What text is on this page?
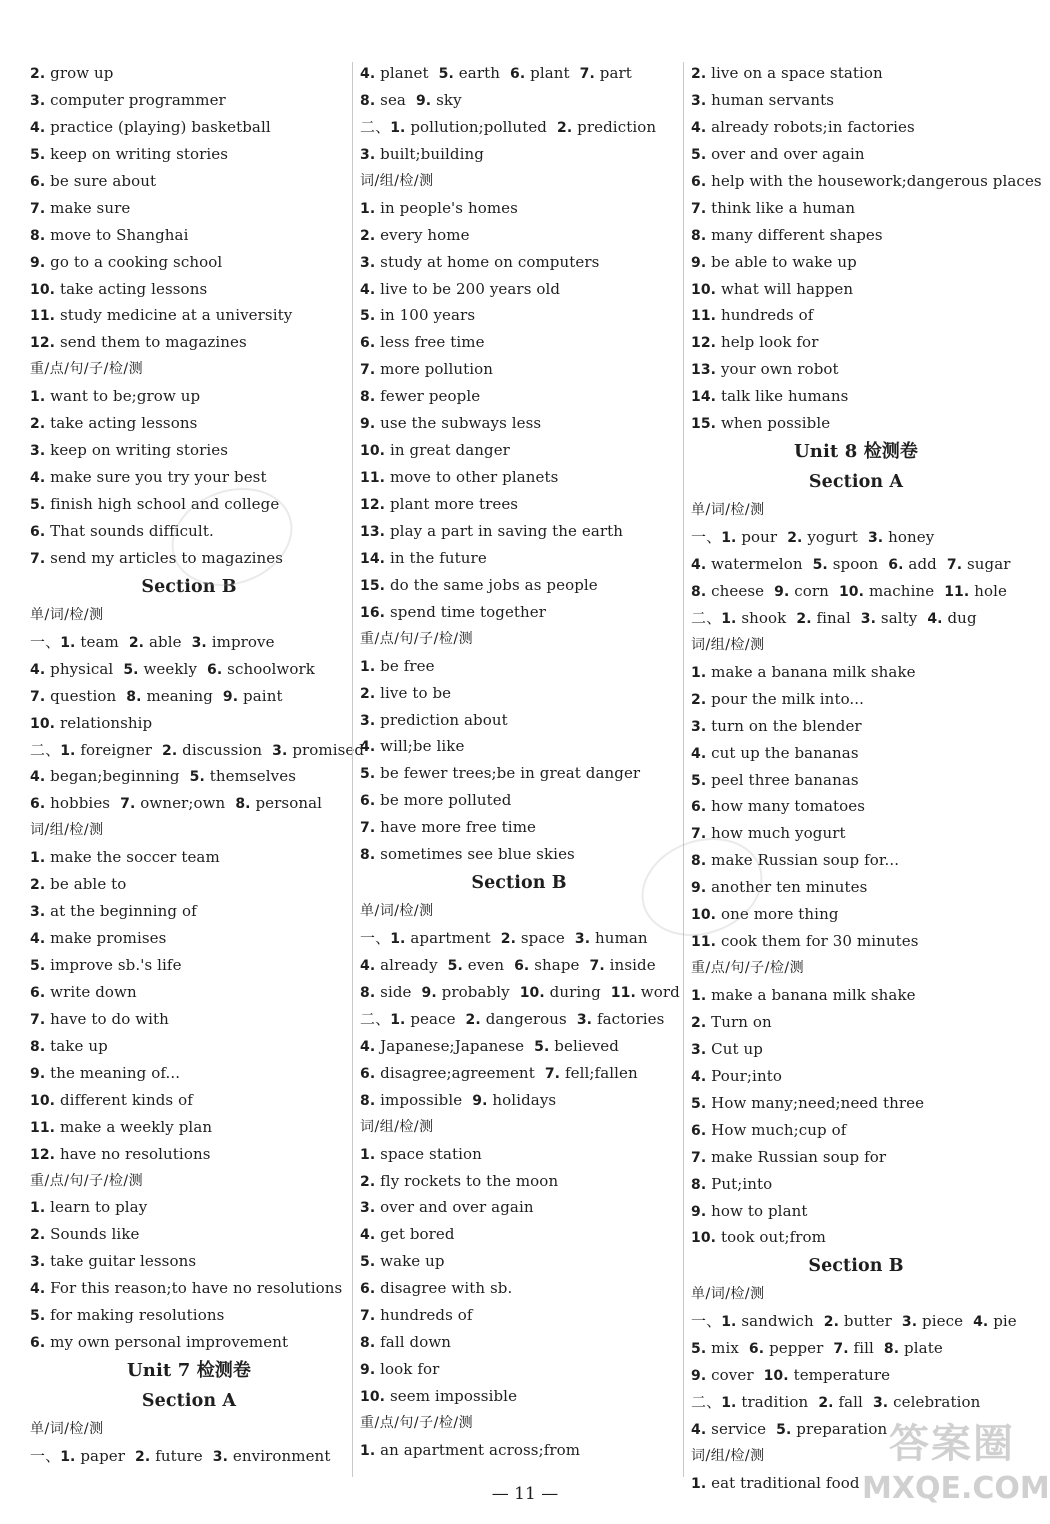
2. grow up
3. computer programmer
4. practice (playing) basketball
5. keep on writing stories
6. be sure about
7. make sure
8. move to Shanghai
9. go to a cooking school
10. take acting lessons
11. study medicine at a university
12. send them to magazines
重/点/句/子/检/测
1. want to be;grow up
2. take acting lessons
3. keep on writing stories
4. make sure you try your best
5. finish high school and college
6. That sounds difficult.
7. send my articles to magazines
Section B
单/词/检/测
一、1. team 2. able 3. improve
4. physical 5. weekly 6. schoolwork
7. question 8. meaning 9. paint
10. relationship
二、1. foreigner 2. discussion 3. promised
4. began;beginning 5. themselves
6. hobbies 7. owner;own 8. personal
词/组/检/测
1. make the soccer team
2. be able to
3. at the beginning of
4. make promises
5. improve sb.'s life
6. write down
7. have to do with
8. take up
9. the meaning of...
10. different kinds of
11. make a weekly plan
12. have no resolutions
重/点/句/子/检/测
1. learn to play
2. Sounds like
3. take guitar lessons
4. For this reason;to have no resolutions
5. for making resolutions
6. my own personal improvement
Unit 7 检测卷
Section A
单/词/检/测
一、1. paper 2. future 3. environment
4. planet 5. earth 6. plant 7. part
8. sea 9. sky
二、1. pollution;polluted 2. prediction
3. built;building
词/组/检/测
1. in people's homes
2. every home
3. study at home on computers
4. live to be 200 years old
5. in 100 years
6. less free time
7. more pollution
8. fewer people
9. use the subways less
10. in great danger
11. move to other planets
12. plant more trees
13. play a part in saving the earth
14. in the future
15. do the same jobs as people
16. spend time together
重/点/句/子/检/测
1. be free
2. live to be
3. prediction about
4. will;be like
5. be fewer trees;be in great danger
6. be more polluted
7. have more free time
8. sometimes see blue skies
Section B
单/词/检/测
一、1. apartment 2. space 3. human
4. already 5. even 6. shape 7. inside
8. side 9. probably 10. during 11. word
二、1. peace 2. dangerous 3. factories
4. Japanese;Japanese 5. believed
6. disagree;agreement 7. fell;fallen
8. impossible 9. holidays
词/组/检/测
1. space station
2. fly rockets to the moon
3. over and over again
4. get bored
5. wake up
6. disagree with sb.
7. hundreds of
8. fall down
9. look for
10. seem impossible
重/点/句/子/检/测
1. an apartment across;from
2. live on a space station
3. human servants
4. already robots;in factories
5. over and over again
6. help with the housework;dangerous places
7. think like a human
8. many different shapes
9. be able to wake up
10. what will happen
11. hundreds of
12. help look for
13. your own robot
14. talk like humans
15. when possible
Unit 8 检测卷
Section A
单/词/检/测
一、1. pour 2. yogurt 3. honey
4. watermelon 5. spoon 6. add 7. sugar
8. cheese 9. corn 10. machine 11. hole
二、1. shook 2. final 3. salty 4. dug
词/组/检/测
1. make a banana milk shake
2. pour the milk into...
3. turn on the blender
4. cut up the bananas
5. peel three bananas
6. how many tomatoes
7. how much yogurt
8. make Russian soup for...
9. another ten minutes
10. one more thing
11. cook them for 30 minutes
重/点/句/子/检/测
1. make a banana milk shake
2. Turn on
3. Cut up
4. Pour;into
5. How many;need;need three
6. How much;cup of
7. make Russian soup for
8. Put;into
9. how to plant
10. took out;from
Section B
单/词/检/测
一、1. sandwich 2. butter 3. piece 4. pie
5. mix 6. pepper 7. fill 8. plate
9. cover 10. temperature
二、1. tradition 2. fall 3. celebration
4. service 5. preparation
词/组/检/测
1. eat traditional food
— 11 —
答案圈
MXQE.COM
